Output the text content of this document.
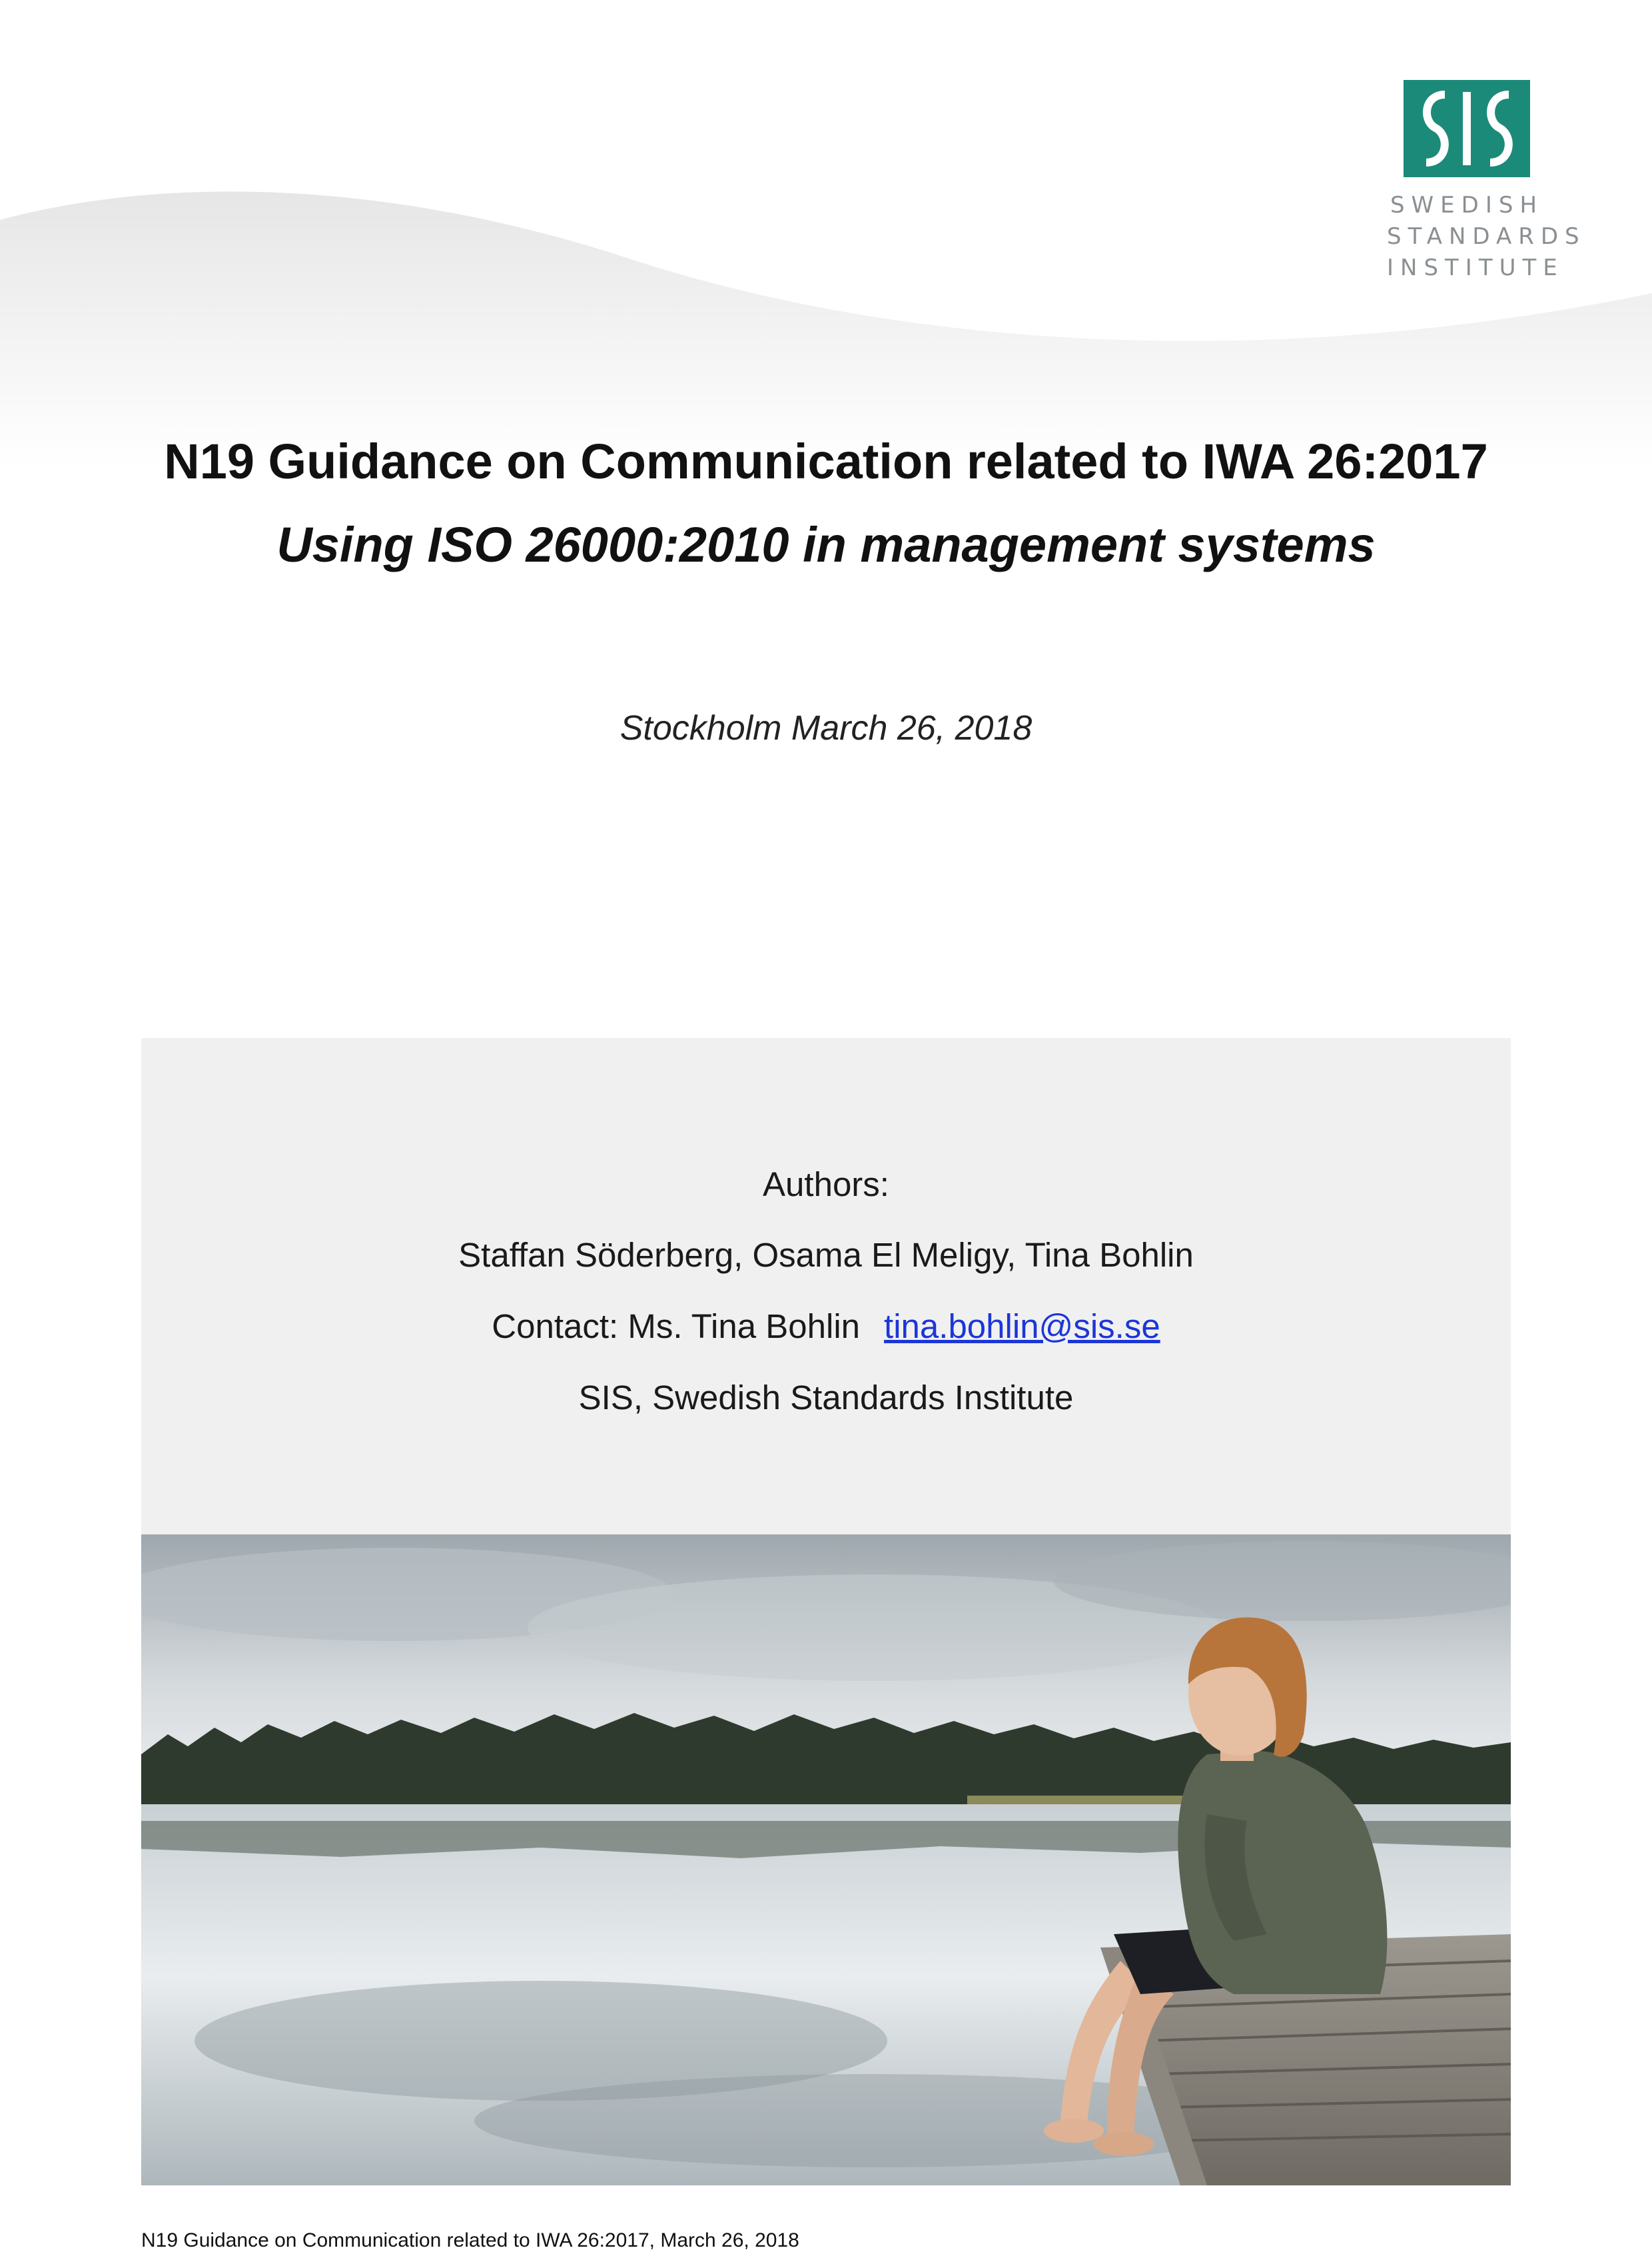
SWEDISH
STANDARDS
INSTITUTE
N19 Guidance on Communication related to IWA 26:2017
Using ISO 26000:2010 in management systems
Stockholm March 26, 2018
Authors:
Staffan Söderberg, Osama El Meligy, Tina Bohlin
Contact: Ms. Tina Bohlin tina.bohlin@sis.se
SIS, Swedish Standards Institute
N19 Guidance on Communication related to IWA 26:2017, March 26, 2018
